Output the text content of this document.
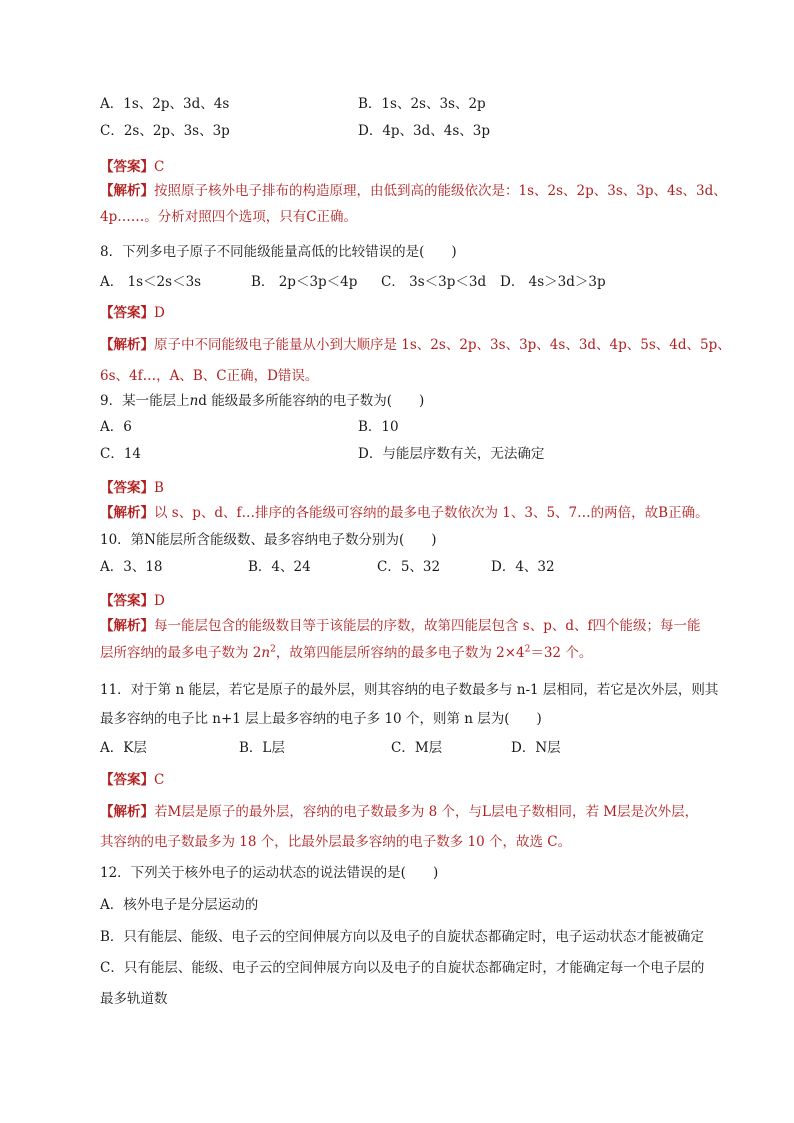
A．1s、2p、3d、4s	B．1s、2s、3s、2p
C．2s、2p、3s、3p	D．4p、3d、4s、3p
【答案】C
【解析】按照原子核外电子排布的构造原理，由低到高的能级依次是：1s、2s、2p、3s、3p、4s、3d、
4p……。分析对照四个选项，只有C正确。
8．下列多电子原子不同能级能量高低的比较错误的是(　　)
A． 1s＜2s＜3s	B． 2p＜3p＜4p C． 3s＜3p＜3d D． 4s＞3d＞3p
【答案】D
【解析】原子中不同能级电子能量从小到大顺序是 1s、2s、2p、3s、3p、4s、3d、4p、5s、4d、5p、
6s、4f…，A、B、C正确，D错误。
9．某一能层上nd 能级最多所能容纳的电子数为(　　)
A．6	B．10
C．14	D．与能层序数有关，无法确定
【答案】B
【解析】以 s、p、d、f…排序的各能级可容纳的最多电子数依次为 1、3、5、7…的两倍，故B正确。
10．第N能层所含能级数、最多容纳电子数分别为(　　)
A．3、18	B．4、24	C．5、32	D．4、32
【答案】D
【解析】每一能层包含的能级数目等于该能层的序数，故第四能层包含 s、p、d、f四个能级；每一能
层所容纳的最多电子数为 $2n^2$，故第四能层所容纳的最多电子数为 $2\times 4^2=32$ 个。
11．对于第 n 能层，若它是原子的最外层，则其容纳的电子数最多与 n-1 层相同，若它是次外层，则其
最多容纳的电子比 n+1 层上最多容纳的电子多 10 个，则第 n 层为(　　)
A．K层	B．L层	C．M层	D．N层
【答案】C
【解析】若M层是原子的最外层，容纳的电子数最多为 8 个，与L层电子数相同，若 M层是次外层，
其容纳的电子数最多为 18 个，比最外层最多容纳的电子数多 10 个，故选 C。
12．下列关于核外电子的运动状态的说法错误的是(　　)
A．核外电子是分层运动的
B．只有能层、能级、电子云的空间伸展方向以及电子的自旋状态都确定时，电子运动状态才能被确定
C．只有能层、能级、电子云的空间伸展方向以及电子的自旋状态都确定时，才能确定每一个电子层的
最多轨道数
